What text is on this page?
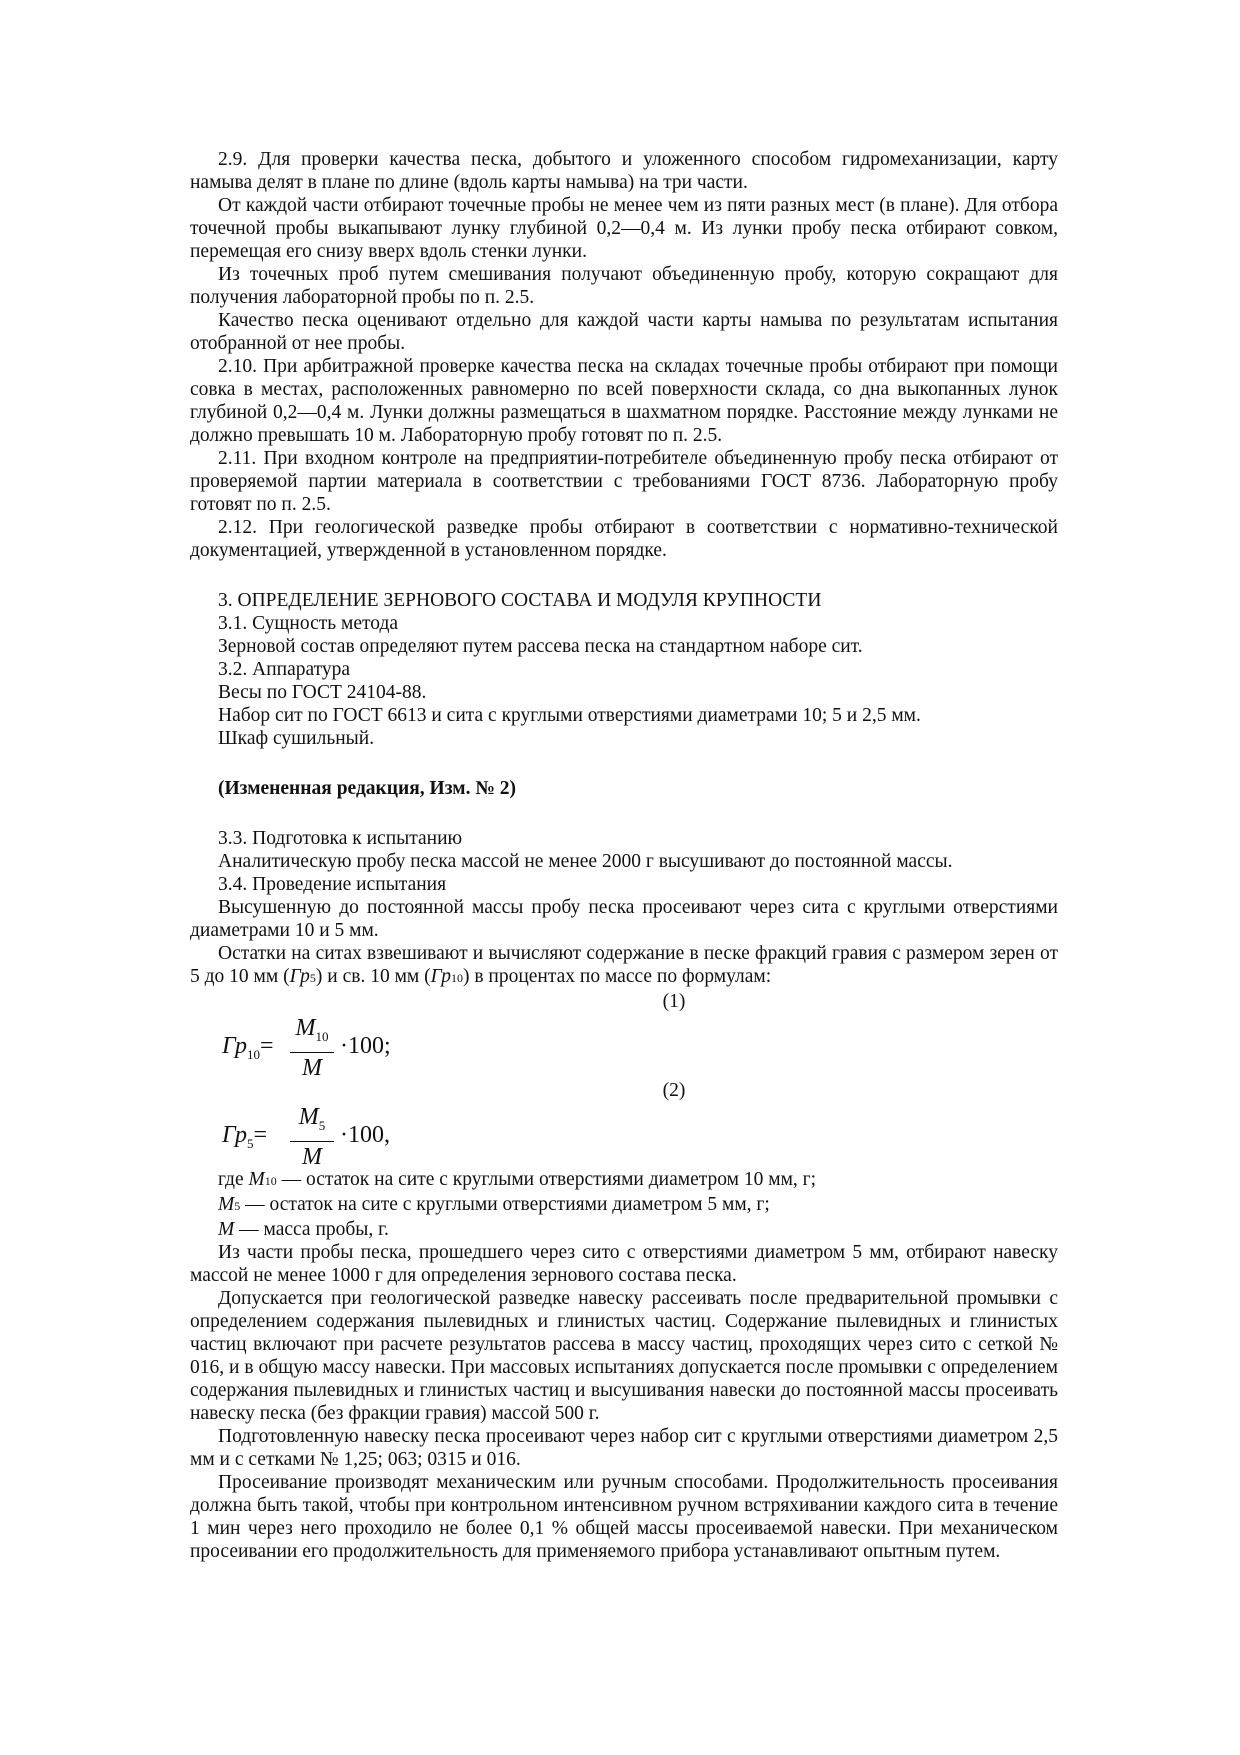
2.9. Для проверки качества песка, добытого и уложенного способом гидромеханизации, карту намыва делят в плане по длине (вдоль карты намыва) на три части.

От каждой части отбирают точечные пробы не менее чем из пяти разных мест (в плане). Для отбора точечной пробы выкапывают лунку глубиной 0,2—0,4 м. Из лунки пробу песка отбирают совком, перемещая его снизу вверх вдоль стенки лунки.

Из точечных проб путем смешивания получают объединенную пробу, которую сокращают для получения лабораторной пробы по п. 2.5.

Качество песка оценивают отдельно для каждой части карты намыва по результатам испытания отобранной от нее пробы.

2.10. При арбитражной проверке качества песка на складах точечные пробы отбирают при помощи совка в местах, расположенных равномерно по всей поверхности склада, со дна выкопанных лунок глубиной 0,2—0,4 м. Лунки должны размещаться в шахматном порядке. Расстояние между лунками не должно превышать 10 м. Лабораторную пробу готовят по п. 2.5.

2.11. При входном контроле на предприятии-потребителе объединенную пробу песка отбирают от проверяемой партии материала в соответствии с требованиями ГОСТ 8736. Лабораторную пробу готовят по п. 2.5.

2.12. При геологической разведке пробы отбирают в соответствии с нормативно-технической документацией, утвержденной в установленном порядке.

3. ОПРЕДЕЛЕНИЕ ЗЕРНОВОГО СОСТАВА И МОДУЛЯ КРУПНОСТИ

3.1. Сущность метода

Зерновой состав определяют путем рассева песка на стандартном наборе сит.

3.2. Аппаратура

Весы по ГОСТ 24104-88.

Набор сит по ГОСТ 6613 и сита с круглыми отверстиями диаметрами 10; 5 и 2,5 мм.

Шкаф сушильный.

(Измененная редакция, Изм. № 2)

3.3. Подготовка к испытанию

Аналитическую пробу песка массой не менее 2000 г высушивают до постоянной массы.

3.4. Проведение испытания

Высушенную до постоянной массы пробу песка просеивают через сита с круглыми отверстиями диаметрами 10 и 5 мм.

Остатки на ситах взвешивают и вычисляют содержание в песке фракций гравия с размером зерен от 5 до 10 мм (Гр5) и св. 10 мм (Гр10) в процентах по массе по формулам:

(1)

$Гр_{10}=$
$M_{10}$
M
·100;

(2)

$Гр_5=$
$M_5$
M
·100,

где M10 — остаток на сите с круглыми отверстиями диаметром 10 мм, г;

M5 — остаток на сите с круглыми отверстиями диаметром 5 мм, г;

M — масса пробы, г.

Из части пробы песка, прошедшего через сито с отверстиями диаметром 5 мм, отбирают навеску массой не менее 1000 г для определения зернового состава песка.

Допускается при геологической разведке навеску рассеивать после предварительной промывки с определением содержания пылевидных и глинистых частиц. Содержание пылевидных и глинистых частиц включают при расчете результатов рассева в массу частиц, проходящих через сито с сеткой № 016, и в общую массу навески. При массовых испытаниях допускается после промывки с определением содержания пылевидных и глинистых частиц и высушивания навески до постоянной массы просеивать навеску песка (без фракции гравия) массой 500 г.

Подготовленную навеску песка просеивают через набор сит с круглыми отверстиями диаметром 2,5 мм и с сетками № 1,25; 063; 0315 и 016.

Просеивание производят механическим или ручным способами. Продолжительность просеивания должна быть такой, чтобы при контрольном интенсивном ручном встряхивании каждого сита в течение 1 мин через него проходило не более 0,1 % общей массы просеиваемой навески. При механическом просеивании его продолжительность для применяемого прибора устанавливают опытным путем.
